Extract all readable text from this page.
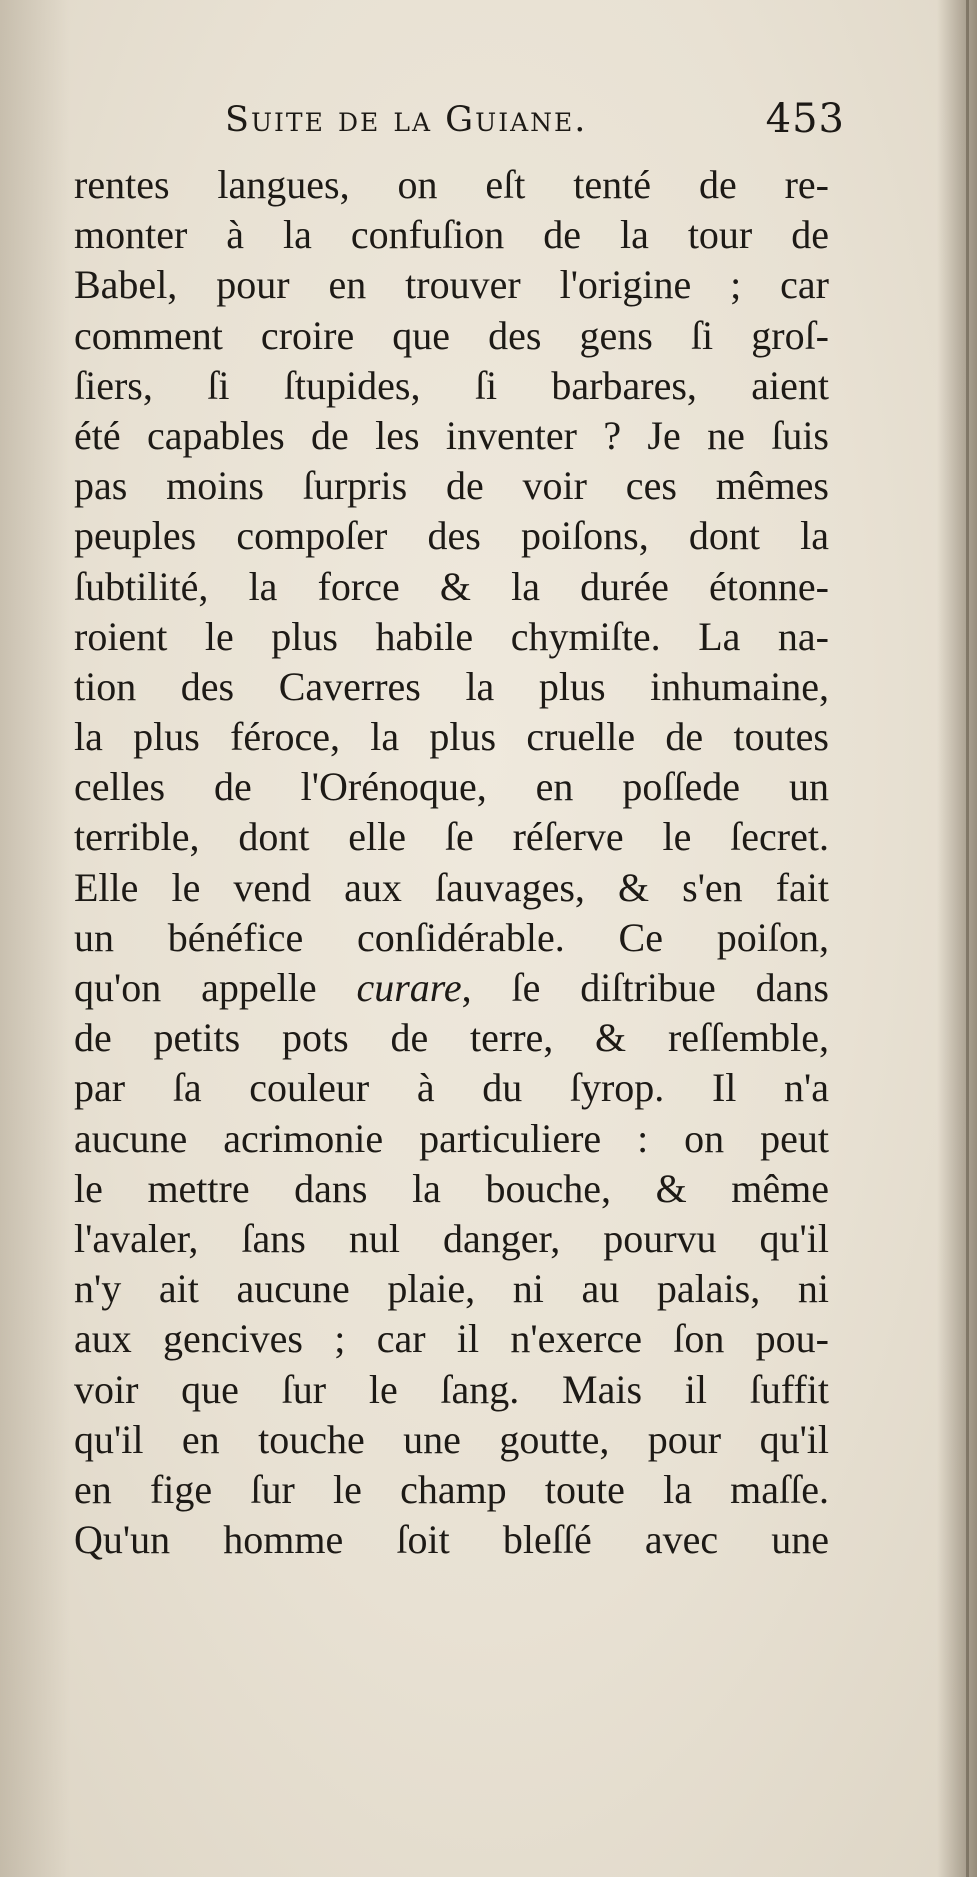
Suite de la Guiane.	453
rentes langues, on eſt tenté de re-
monter à la confuſion de la tour de
Babel, pour en trouver l'origine ; car
comment croire que des gens ſi groſ-
ſiers, ſi ſtupides, ſi barbares, aient
été capables de les inventer ? Je ne ſuis
pas moins ſurpris de voir ces mêmes
peuples compoſer des poiſons, dont la
ſubtilité, la force & la durée étonne-
roient le plus habile chymiſte. La na-
tion des Caverres la plus inhumaine,
la plus féroce, la plus cruelle de toutes
celles de l'Orénoque, en poſſede un
terrible, dont elle ſe réſerve le ſecret.
Elle le vend aux ſauvages, & s'en fait
un bénéfice conſidérable. Ce poiſon,
qu'on appelle curare, ſe diſtribue dans
de petits pots de terre, & reſſemble,
par ſa couleur à du ſyrop. Il n'a
aucune acrimonie particuliere : on peut
le mettre dans la bouche, & même
l'avaler, ſans nul danger, pourvu qu'il
n'y ait aucune plaie, ni au palais, ni
aux gencives ; car il n'exerce ſon pou-
voir que ſur le ſang. Mais il ſuffit
qu'il en touche une goutte, pour qu'il
en fige ſur le champ toute la maſſe.
Qu'un homme ſoit bleſſé avec une
